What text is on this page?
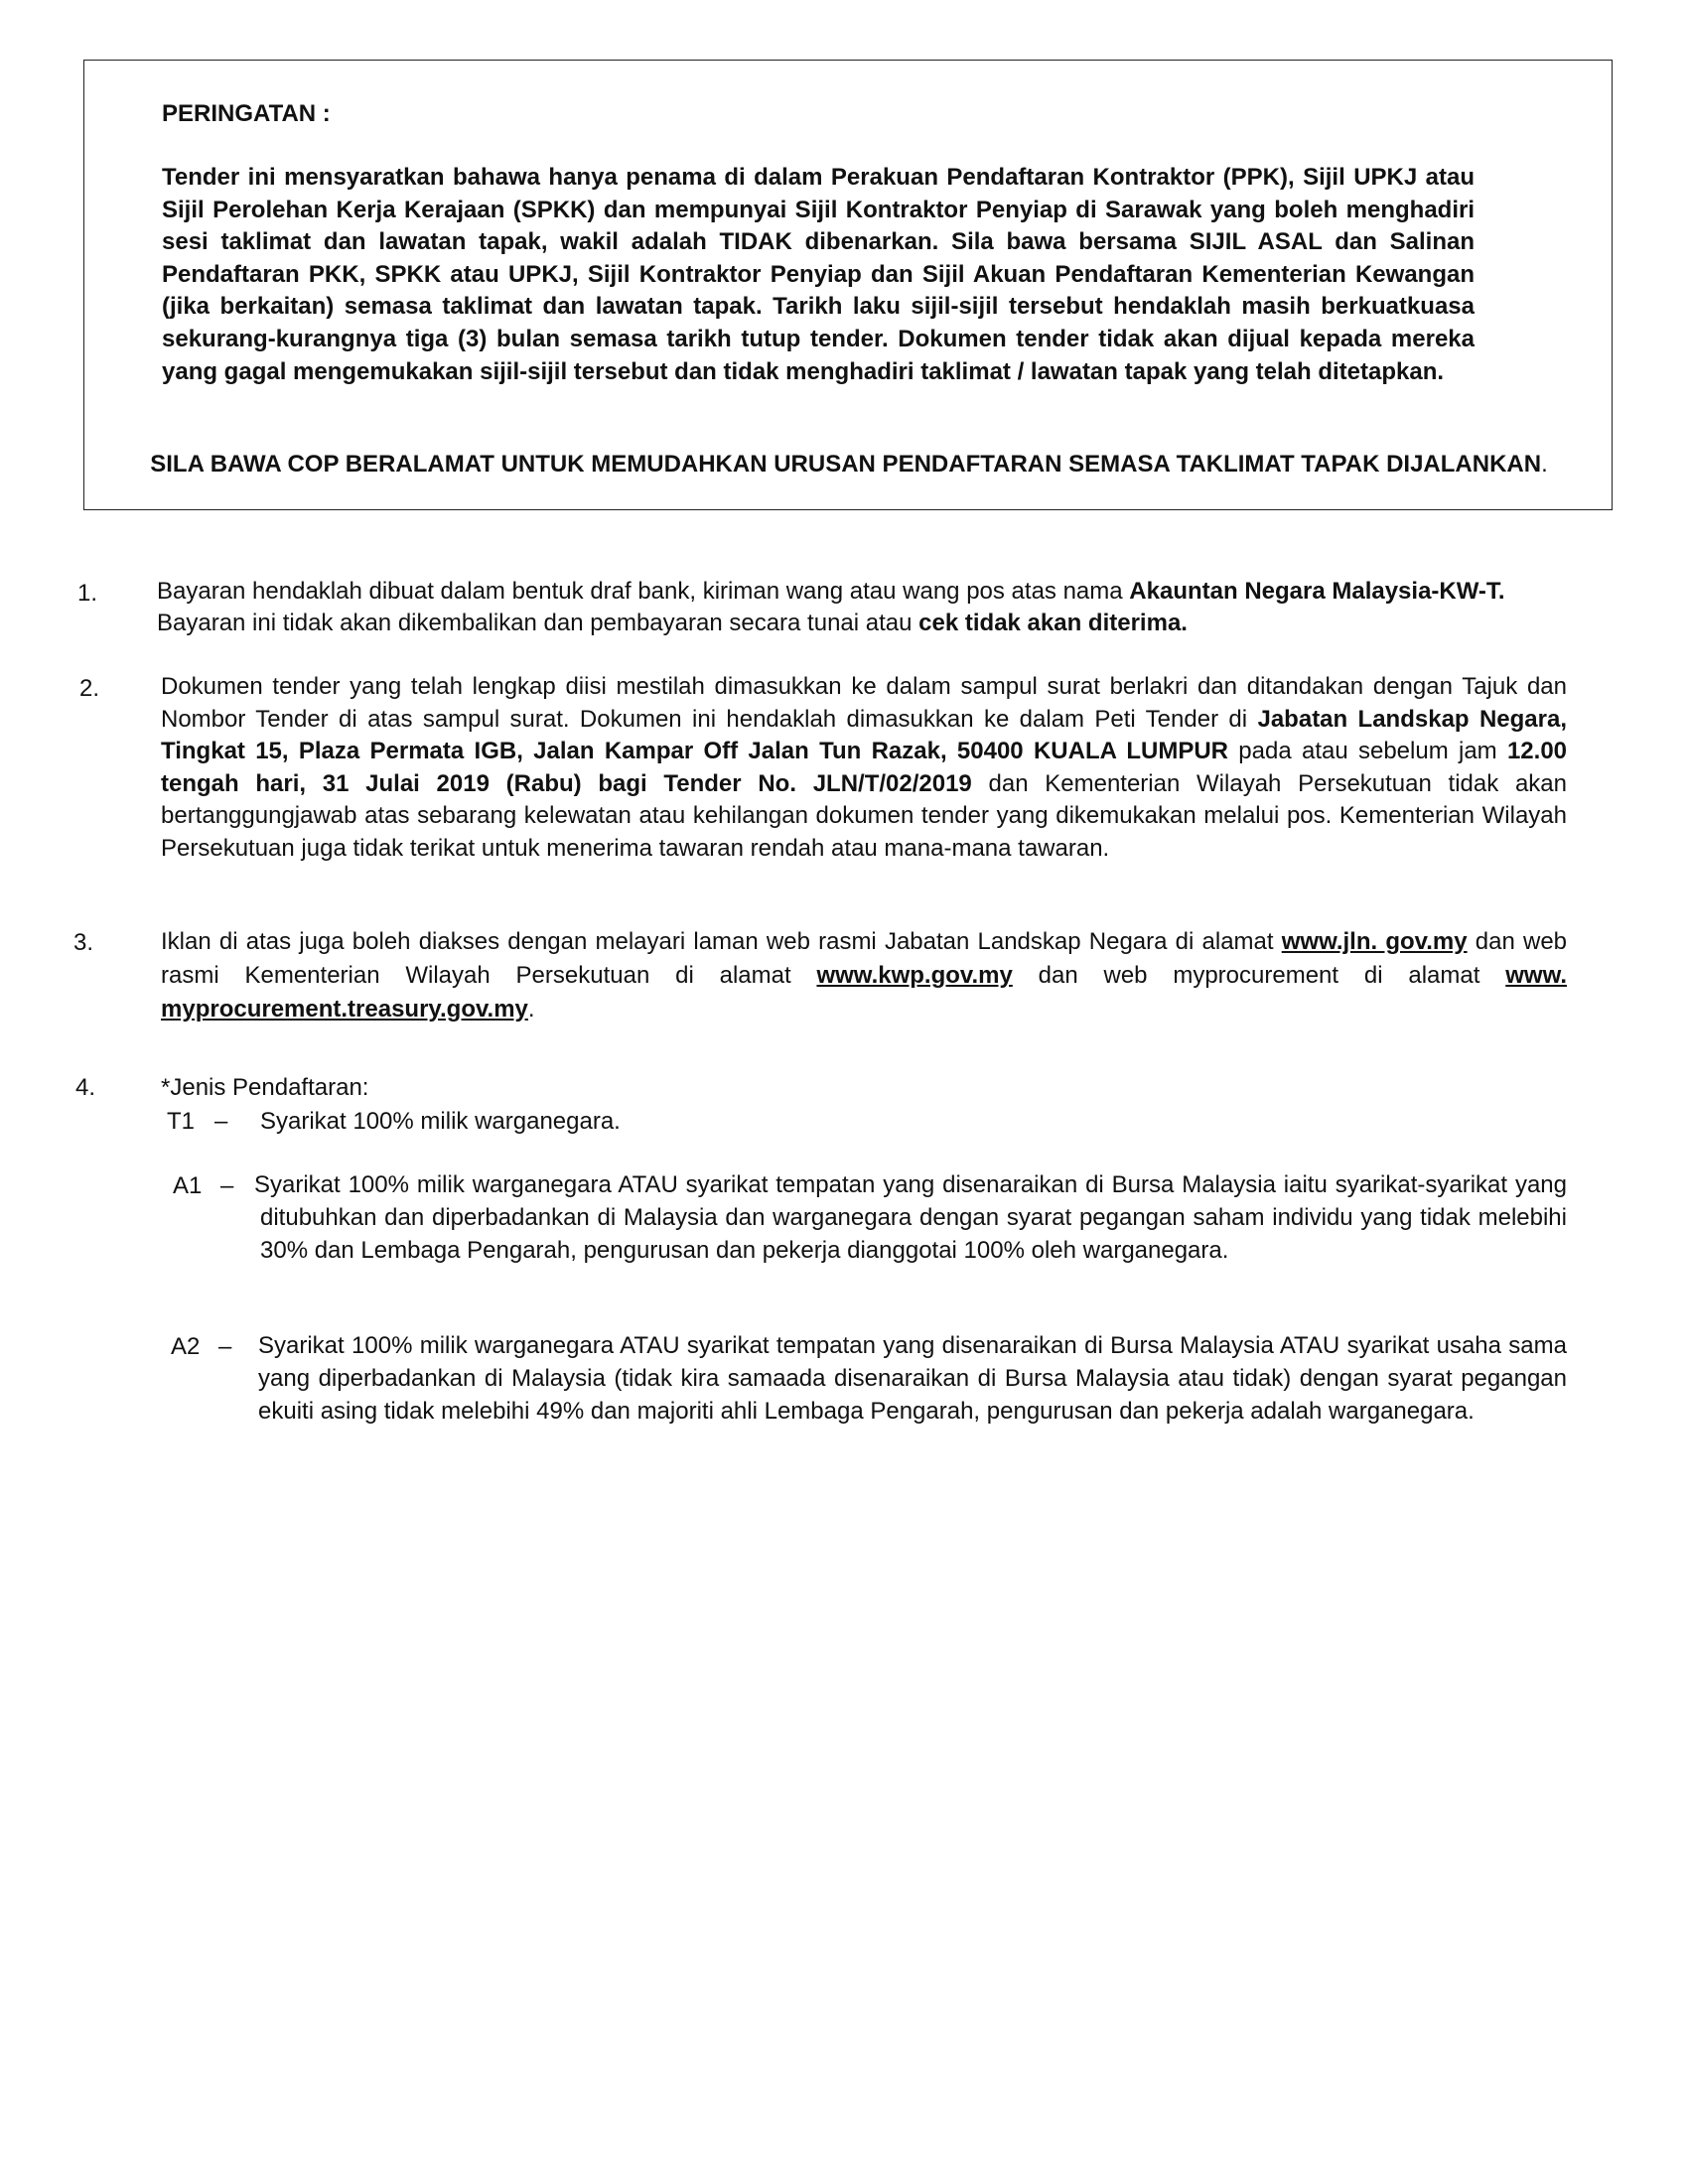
PERINGATAN :
Tender ini mensyaratkan bahawa hanya penama di dalam Perakuan Pendaftaran Kontraktor (PPK), Sijil UPKJ atau Sijil Perolehan Kerja Kerajaan (SPKK) dan mempunyai Sijil Kontraktor Penyiap di Sarawak yang boleh menghadiri sesi taklimat dan lawatan tapak, wakil adalah TIDAK dibenarkan. Sila bawa bersama SIJIL ASAL dan Salinan Pendaftaran PKK, SPKK atau UPKJ, Sijil Kontraktor Penyiap dan Sijil Akuan Pendaftaran Kementerian Kewangan (jika berkaitan) semasa taklimat dan lawatan tapak. Tarikh laku sijil-sijil tersebut hendaklah masih berkuatkuasa sekurang-kurangnya tiga (3) bulan semasa tarikh tutup tender. Dokumen tender tidak akan dijual kepada mereka yang gagal mengemukakan sijil-sijil tersebut dan tidak menghadiri taklimat / lawatan tapak yang telah ditetapkan.
SILA BAWA COP BERALAMAT UNTUK MEMUDAHKAN URUSAN PENDAFTARAN SEMASA TAKLIMAT TAPAK DIJALANKAN.
1. Bayaran hendaklah dibuat dalam bentuk draf bank, kiriman wang atau wang pos atas nama Akauntan Negara Malaysia-KW-T. Bayaran ini tidak akan dikembalikan dan pembayaran secara tunai atau cek tidak akan diterima.
2.	Dokumen tender yang telah lengkap diisi mestilah dimasukkan ke dalam sampul surat berlakri dan ditandakan dengan Tajuk dan Nombor Tender di atas sampul surat. Dokumen ini hendaklah dimasukkan ke dalam Peti Tender di Jabatan Landskap Negara, Tingkat 15, Plaza Permata IGB, Jalan Kampar Off Jalan Tun Razak, 50400 KUALA LUMPUR pada atau sebelum jam 12.00 tengah hari, 31 Julai 2019 (Rabu) bagi Tender No. JLN/T/02/2019 dan Kementerian Wilayah Persekutuan tidak akan bertanggungjawab atas sebarang kelewatan atau kehilangan dokumen tender yang dikemukakan melalui pos. Kementerian Wilayah Persekutuan juga tidak terikat untuk menerima tawaran rendah atau mana-mana tawaran.
3.	Iklan di atas juga boleh diakses dengan melayari laman web rasmi Jabatan Landskap Negara di alamat www.jln. gov.my dan web rasmi Kementerian Wilayah Persekutuan di alamat www.kwp.gov.my dan web myprocurement di alamat www. myprocurement.treasury.gov.my.
4.	*Jenis Pendaftaran:
T1 – Syarikat 100% milik warganegara.
A1 – Syarikat 100% milik warganegara ATAU syarikat tempatan yang disenaraikan di Bursa Malaysia iaitu syarikat-syarikat yang ditubuhkan dan diperbadankan di Malaysia dan warganegara dengan syarat pegangan saham individu yang tidak melebihi 30% dan Lembaga Pengarah, pengurusan dan pekerja dianggotai 100% oleh warganegara.
A2 – Syarikat 100% milik warganegara ATAU syarikat tempatan yang disenaraikan di Bursa Malaysia ATAU syarikat usaha sama yang diperbadankan di Malaysia (tidak kira samaada disenaraikan di Bursa Malaysia atau tidak) dengan syarat pegangan ekuiti asing tidak melebihi 49% dan majoriti ahli Lembaga Pengarah, pengurusan dan pekerja adalah warganegara.
